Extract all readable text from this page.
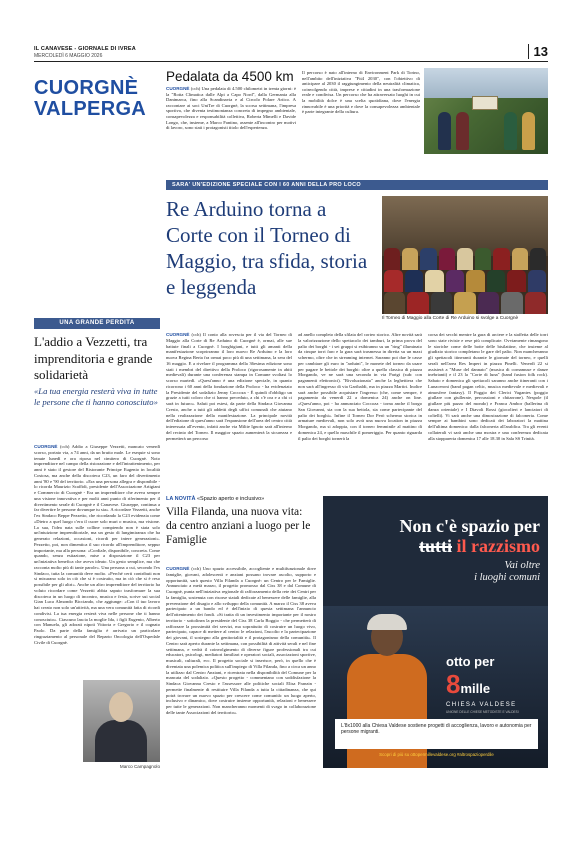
IL CANAVESE - GIORNALE DI IVREA
MERCOLEDÌ 6 MAGGIO 2026	13
CUORGNÈ VALPERGA
Pedalata da 4500 km
CUORGNÈ (cch) Una pedalata di 4.500 chilometri in trenta giorni: è la "Rotta Climatica dalle Alpi a Capo Nord", dalla Germania alla Danimarca, fino alla Scandinavia e al Circolo Polare Artico. A raccontare ai soci UniTre di Cuorgnè, la scorsa settimana, l'impresa sportiva, che diventa testimonianza concreta di impegno ambientale, consapevolezza e responsabilità collettiva, Roberta Mimelli e Davide Longo, che, insieme, a Marco Fantino, assente all'incontro per motivi di lavoro, sono stati i protagonisti titolo dell'esperienza.
Il percorso è nato all'interno di Environment Park di Torino, nell'ambito dell'iniziativa "Fit4 2030", con l'obiettivo di anticipare al 2030 il raggiungimento della neutralità climatica, coinvolgendo città, imprese e cittadini in una trasformazione reale e condivisa. Un percorso che ha attraversato luoghi in cui la mobilità dolce è una scelta quotidiana, dove l'energia rinnovabile è una priorità e dove la consapevolezza ambientale è parte integrante della cultura.
SARA' UN'EDIZIONE SPECIALE CON I 60 ANNI DELLA PRO LOCO
Re Arduino torna a Corte con il Torneo di Maggio, tra sfida, storia e leggenda
Il Torneo di Maggio alla Corte di Re Arduino si svolge a Cuorgnè
CUORGNÈ (cch) Il conto alla rovescia per il via del Torneo di Maggio alla Corte di Re Arduino di Cuorgnè è, ormai, alle sue battute finali a Cuorgnè. I borghigiani, e tutti gli amanti della manifestazione scoprirranno il loro nuovo Re Arduino e la loro nuova Regina Berta fra ormai poco più di una settimana, la sera del 16 maggio. E a rivelare il programma della 36esima edizione sono stati i membri del direttivo della Proloco (rigorosamente in abiti medievali) durante una conferenza stampa in Comune svoltasi lo scorso martedì. «Quest'anno è una edizione speciale, in quanto ricorrono i 60 anni della fondazione della Proloco - ha evidenziato la Presidente del sodalizio Jenny Coccoza - È quindi d'obbligo un grazie a tutti coloro che ci hanno preceduto, a chi c'è ora e a chi ci sarà in futuro». Saluti poi estesi, da parte della Sindaca Giovanna Cresto, anche a tutti gli addetti degli uffici comunali che aiutano nella realizzazione della manifestazione. La principale novità dell'edizione di quest'anno sarà l'espansione dell'area del centro città interessata all'evento, infatti anche via Milite Ignoto sarà all'interno del recinto del Torneo. Il maggior spazio aumenterà la sicurezza e permetterà un percorso
ad anello completo della sfilata del corteo storico. Altre novità sarà la valorizzazione dello spettacolo dei tamburi, la prima prova del palio dei borghi - i sei gruppi si esibiranno su un "ring" illuminato da cinque torri faro e la gara sarà trasmessa in diretta su un maxi schermo, oltre che in streaming internet. Saranno poi due le casse per cambiare gli euro in "arduini", le monete del torneo da usare per pagare le bettole dei borghi: oltre a quella classica di piazza Morgando, ve ne sarà una seconda in via Parigi (sub: con pagamenti elettronici). "Rivoluzionata" anche la leghettiera che non sarà all'ingresso di via Garibaldi, ma in piazza Martiri. Inoltre sarà anche possibile acquistare l'ingresso (che, come sempre, è pagamento da venerdì 22 a domenica 24) anche on line. «Quest'anno, poi - ha annunciato Coccoza - torna anche il borgo San Giovanni, sia con la sua bettola, sia come partecipante del palio dei borghi». Infine il Torneo Dor Però schermo storica in armature medievali, non solo avrà una nuova location in piazza Morgando, ma si adoppia, con il torneo femminile al mattino di domenica 24, e quello maschile il pomeriggio. Per quanto riguarda il palio dei borghi tornerà la
corsa dei secchi mentre la gara di arciere e la staffetta delle torri sono state rivisie e rese più complicate. Ovviamente rimangono le storiche come delle botte delle bisilattine, che insieme al giudizio storico completano le gare del palio. Non mancheranno gli spettacoli itineranti durante le giornate del torneo, e quelli serali nell'area Res Impert in piazza Pinelli. Venerdì 22 si assisterà a "Muse del dannato" (musica di cornamuse e danze inebrianti) e il 23 la "Corte di luna" (band fusion folk rock). Sabato e domenica gli spettacoli saranno anche itineranti con i Lunaceroni (band pagan celtic, musica medievale e medievali e atmosfere fantasy). Il Poggio dei Clerici Vagantes (poggio giullare con giullerate, percussioni e chitarrone). Nespole (il giullare più pazzo del mondo) e Franca Ambor (ballerina di danza orientale) e I Diavoli Rossi (giocolieri e lanciatori di coltelli). Vi sarà anche una dimostrazione di falconeria. Come sempre ai bambini sono dedicati dei laboratori la mattina dell'ultima domenica: dalla falconeria all'araldica. Tra gli eventi collaterali vi sarà anche una mostra e una conferenza dedicata alla stoppareria domenica 17 alle 18.30 in Sala SS Trinità.
UNA GRANDE PERDITA
L'addio a Vezzetti, tra imprenditoria e grande solidarietà
«La tua energia resterà viva in tutte le persone che ti hanno conosciuto»
CUORGNÈ (cch) Addio a Giuseppe Vezzetti, mancato venerdì scorso, portato via, a 74 anni, da un brutto male. Le esequie si sono tenute lunedì e ora riposa nel cimitero di Cuorgnè. Noto imprenditore nel campo della ristorazione e dell'intrattenimento, per anni è stato il gestore del Ristorante Principe Eugenio in località Costosa, ma anche della discoteca C23, un faro del divertimento anni '80 e '90 del territorio. «Era una persona allegra e disponibile - lo ricorda Maurizio Scaffidi, presidente dell'Associazione Artigiani e Commercio di Cuorgnè - Era un imprenditore che aveva sempre una visione innovativa e per molti anni punto di riferimento per il divertimento serale di Cuorgnè e il Canavese. Giuseppe, continua a far divertire le persone dovunque tu sia». A ricordare Vezzetti, anche l'ex Sindaco Beppe Pezzetto, che ricordando la C23 evidenzia come «Dietro a quel luogo c'era il cuore solo muri o musica, ma visione. La sua, l'idea nata sulle colline compiendo non è stata solo un'intuizione imprenditoriale, ma un gesto di lungimiranza che ha generato relazioni, occasioni, ricordi per intere generazioni». Pezzetto, poi, non dimentica il suo ricordo all'imprenditore, seppur importante, ma alla persona: «Cordiale, disponibile, concreta. Come quando, senza esitazione, mise a disposizione il C23 per un'iniziativa benefica che aveva ideato. Un gesto semplice, ma che racconta molto più di tante parole». Una persona a cui, secondo l'ex Sindaco, tutta la comunità deve molto. «Perché certi contributi non si misurano solo in ciò che si è costruito, ma in ciò che si è reso possibile per gli altri». Anche un altro imprenditore del territorio ha voluto ricordare come Vezzetti abbia saputo trasformare la sua discoteca in un luogo di incontro, musica e festa, scrive sui social Gian Luca Almondo Bicciando, che aggiunge: «Con il tuo lavoro hai creato non solo un'attività, ma una vera comunità fatta di ricordi condivisi. La tua energia resterà viva nelle persone che ti hanno conosciuto». Ciascuno lascia la moglie Ida, i figli Eugenio, Alberto con Manuela, gli adorati nipoti Vittoria e Gregorio e il cognato Paolo. Da parte della famiglia è arrivato un particolare ringraziamento al personale del Reparto Oncologia dell'Ospedale Civile di Cuorgnè.
Marco Campagnolo
LA NOVITÀ «Spazio aperto e inclusivo»
Villa Filanda, una nuova vita: da centro anziani a luogo per le Famiglie
CUORGNÈ (cch) Uno spazio accessibile, accogliente e multifunzionale dove famiglie, giovani, adolescenti e anziani possano trovare ascolto, supporto e opportunità, sarà questo Villa Filanda a Cuorgnè: un Centro per le Famiglie. Annunciato a metà marzo, il progetto promosso dal Ciss 38 e dal Comune di Cuorgnè, punta nell'iniziativa regionale di rafforzamento della rete dei Centri per la famiglia, sostenuta con risorse statali dedicate al benessere delle famiglie, alla prevenzione del disagio e allo sviluppo della comunità. A marzo il Ciss 38 aveva partecipato a un bando ed è dell'inizio di questa settimana l'annuncio dell'ottenimento dei fondi. «Si tratta di un investimento importante per il nostro territorio - sottolinea la presidente del Ciss 38 Carla Boggio - che permetterà di rafforzare la prossimità dei servizi, ma soprattutto di costruire un luogo vivo, partecipato, capace di mettere al centro le relazioni, l'ascolto e la partecipazione dei giovani, il sostegno alla genitorialità e il protagonismo della comunità». Il Centro sarà aperto durante la settimana, con possibilità di attività serali e nel fine settimana, e vedrà il coinvolgimento di diverse figure professionali tra cui educatori, psicologi, mediatori familiari e operatori sociali, associazioni sportive, musicali, culturali, ecc. Il progetto sociale si inserisce, però, in quello che è diventata una polemica politica sull'impiego di Villa Filanda, fino a circa un anno la utilizzo dal Centro Anziani, e ricentrata nella disponibilità del Comune per la mancata del sodalizio. «Questo progetto - commentano con soddisfazione la Sindaca Giovanna Cresto e l'assessore alle politiche sociali Elisa Franzin - permette finalmente di restituire Villa Filanda a tutta la cittadinanza, che qui potrà trovare un nuovo spazio per crescere come comunità: un luogo aperto, inclusivo e dinamico, dove costruire insieme opportunità, relazioni e benessere per tutte le generazioni. Non mancheranno momenti di svago in collaborazione delle tante Associazioni del territorio».
Non c'è spazio per
tutti il razzismo
Vai oltre
i luoghi comuni
otto per 8mille
CHIESA VALDESE
UNIONE DELLE CHIESE METODISTE E VALDESI
L'8x1000 alla Chiesa Valdese sostiene progetti di accoglienza, lavoro e autonomia per persone migranti.
Scopri di più su ottopermillevaldese.org #altrospazioperdile
